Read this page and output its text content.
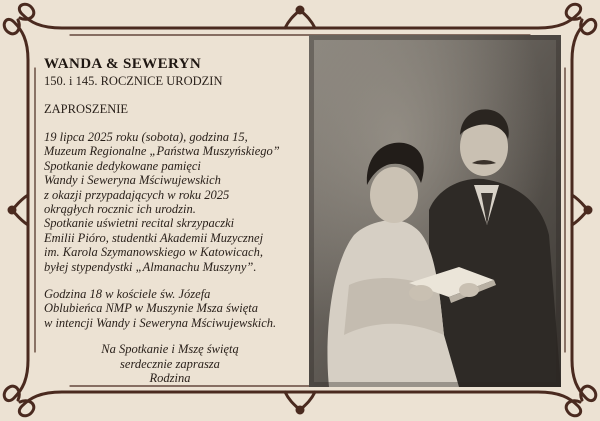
WANDA & SEWERYN
150. i 145. ROCZNICE URODZIN
ZAPROSZENIE
19 lipca 2025 roku (sobota), godzina 15,
Muzeum Regionalne „Państwa Muszyńskiego”
Spotkanie dedykowane pamięci
Wandy i Seweryna Mściwujewskich
z okazji przypadających w roku 2025
okrągłych rocznic ich urodzin.
Spotkanie uświetni recital skrzypaczki
Emilii Pióro, studentki Akademii Muzycznej
im. Karola Szymanowskiego w Katowicach,
byłej stypendystki „Almanachu Muszyny”.
Godzina 18 w kościele św. Józefa
Oblubieńca NMP w Muszynie Msza święta
w intencji Wandy i Seweryna Mściwujewskich.
Na Spotkanie i Mszę świętą
serdecznie zaprasza
Rodzina
